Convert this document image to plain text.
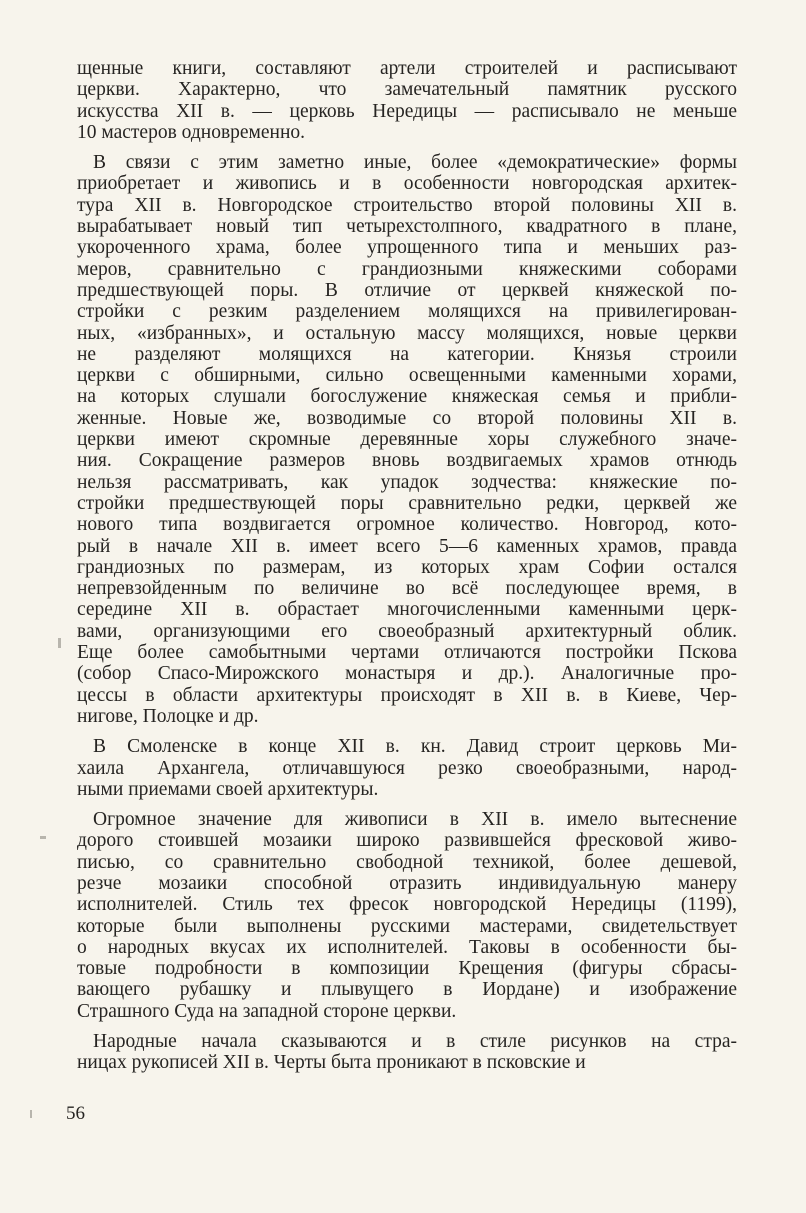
щенные книги, составляют артели строителей и расписывают
церкви. Характерно, что замечательный памятник русского
искусства XII в. — церковь Нередицы — расписывало не меньше
10 мастеров одновременно.
В связи с этим заметно иные, более «демократические» формы
приобретает и живопись и в особенности новгородская архитек-
тура XII в. Новгородское строительство второй половины XII в.
вырабатывает новый тип четырехстолпного, квадратного в плане,
укороченного храма, более упрощенного типа и меньших раз-
меров, сравнительно с грандиозными княжескими соборами
предшествующей поры. В отличие от церквей княжеской по-
стройки с резким разделением молящихся на привилегирован-
ных, «избранных», и остальную массу молящихся, новые церкви
не разделяют молящихся на категории. Князья строили
церкви с обширными, сильно освещенными каменными хорами,
на которых слушали богослужение княжеская семья и прибли-
женные. Новые же, возводимые со второй половины XII в.
церкви имеют скромные деревянные хоры служебного значе-
ния. Сокращение размеров вновь воздвигаемых храмов отнюдь
нельзя рассматривать, как упадок зодчества: княжеские по-
стройки предшествующей поры сравнительно редки, церквей же
нового типа воздвигается огромное количество. Новгород, кото-
рый в начале XII в. имеет всего 5—6 каменных храмов, правда
грандиозных по размерам, из которых храм Софии остался
непревзойденным по величине во всё последующее время, в
середине XII в. обрастает многочисленными каменными церк-
вами, организующими его своеобразный архитектурный облик.
Еще более самобытными чертами отличаются постройки Пскова
(собор Спасо-Мирожского монастыря и др.). Аналогичные про-
цессы в области архитектуры происходят в XII в. в Киеве, Чер-
нигове, Полоцке и др.
В Смоленске в конце XII в. кн. Давид строит церковь Ми-
хаила Архангела, отличавшуюся резко своеобразными, народ-
ными приемами своей архитектуры.
Огромное значение для живописи в XII в. имело вытеснение
дорого стоившей мозаики широко развившейся фресковой живо-
писью, со сравнительно свободной техникой, более дешевой,
резче мозаики способной отразить индивидуальную манеру
исполнителей. Стиль тех фресок новгородской Нередицы (1199),
которые были выполнены русскими мастерами, свидетельствует
о народных вкусах их исполнителей. Таковы в особенности бы-
товые подробности в композиции Крещения (фигуры сбрасы-
вающего рубашку и плывущего в Иордане) и изображение
Страшного Суда на западной стороне церкви.
Народные начала сказываются и в стиле рисунков на стра-
ницах рукописей XII в. Черты быта проникают в псковские и
56
